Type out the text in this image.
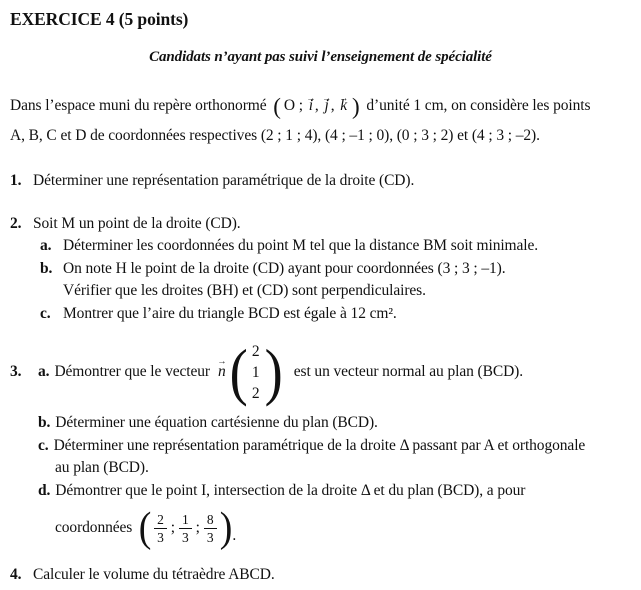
EXERCICE 4 (5 points)
Candidats n’ayant pas suivi l’enseignement de spécialité
Dans l’espace muni du repère orthonormé ( O ; → i , → j , → k ) d’unité 1 cm, on considère les points
A, B, C et D de coordonnées respectives (2 ; 1 ; 4), (4 ; –1 ; 0), (0 ; 3 ; 2) et (4 ; 3 ; –2).
1. Déterminer une représentation paramétrique de la droite (CD).
2. Soit M un point de la droite (CD).
a. Déterminer les coordonnées du point M tel que la distance BM soit minimale.
b. On note H le point de la droite (CD) ayant pour coordonnées (3 ; 3 ; –1).
Vérifier que les droites (BH) et (CD) sont perpendiculaires.
c. Montrer que l’aire du triangle BCD est égale à 12 cm².
3.	a. Démontrer que le vecteur → n ( 2
1
2 ) est un vecteur normal au plan (BCD).
b. Déterminer une équation cartésienne du plan (BCD).
c. Déterminer une représentation paramétrique de la droite Δ passant par A et orthogonale
au plan (BCD).
d. Démontrer que le point I, intersection de la droite Δ et du plan (BCD), a pour
coordonnées ( $\frac{2}{3}$ ; $\frac{1}{3}$ ; $\frac{8}{3}$ ) .
4. Calculer le volume du tétraèdre ABCD.
